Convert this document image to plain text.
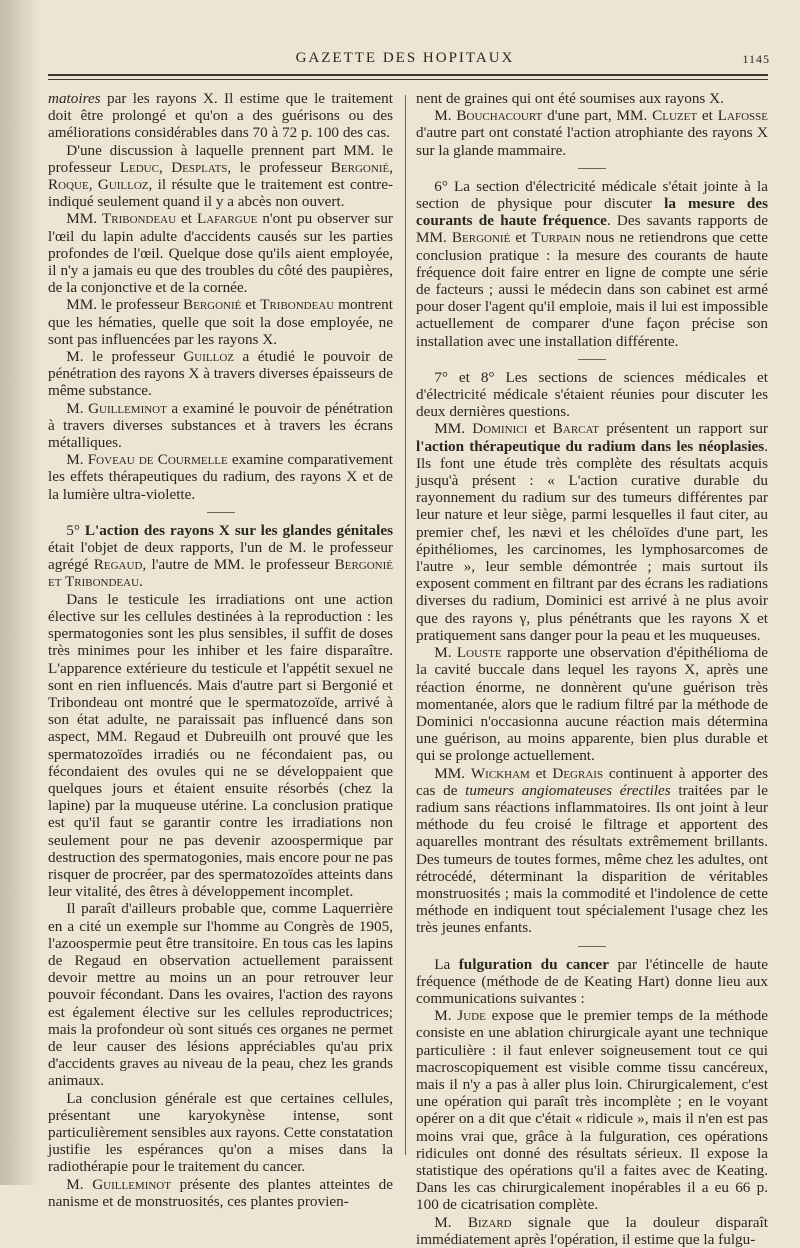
GAZETTE DES HOPITAUX	1145

matoires par les rayons X. Il estime que le traitement doit être prolongé et qu'on a des guérisons ou des améliorations considérables dans 70 à 72 p. 100 des cas.

D'une discussion à laquelle prennent part MM. le professeur Leduc, Desplats, le professeur Bergonié, Roque, Guilloz, il résulte que le traitement est contre-indiqué seulement quand il y a abcès non ouvert.

MM. Tribondeau et Lafargue n'ont pu observer sur l'œil du lapin adulte d'accidents causés sur les parties profondes de l'œil. Quelque dose qu'ils aient employée, il n'y a jamais eu que des troubles du côté des paupières, de la conjonctive et de la cornée.

MM. le professeur Bergonié et Tribondeau montrent que les hématies, quelle que soit la dose employée, ne sont pas influencées par les rayons X.

M. le professeur Guilloz a étudié le pouvoir de pénétration des rayons X à travers diverses épaisseurs de même substance.

M. Guilleminot a examiné le pouvoir de pénétration à travers diverses substances et à travers les écrans métalliques.

M. Foveau de Courmelle examine comparativement les effets thérapeutiques du radium, des rayons X et de la lumière ultra-violette.

5° L'action des rayons X sur les glandes génitales était l'objet de deux rapports, l'un de M. le professeur agrégé Regaud, l'autre de MM. le professeur Bergonié et Tribondeau.

Dans le testicule les irradiations ont une action élective sur les cellules destinées à la reproduction : les spermatogonies sont les plus sensibles, il suffit de doses très minimes pour les inhiber et les faire disparaître. L'apparence extérieure du testicule et l'appétit sexuel ne sont en rien influencés. Mais d'autre part si Bergonié et Tribondeau ont montré que le spermatozoïde, arrivé à son état adulte, ne paraissait pas influencé dans son aspect, MM. Regaud et Dubreuilh ont prouvé que les spermatozoïdes irradiés ou ne fécondaient pas, ou fécondaient des ovules qui ne se développaient que quelques jours et étaient ensuite résorbés (chez la lapine) par la muqueuse utérine. La conclusion pratique est qu'il faut se garantir contre les irradiations non seulement pour ne pas devenir azoospermique par destruction des spermatogonies, mais encore pour ne pas risquer de procréer, par des spermatozoïdes atteints dans leur vitalité, des êtres à développement incomplet.

Il paraît d'ailleurs probable que, comme Laquerrière en a cité un exemple sur l'homme au Congrès de 1905, l'azoospermie peut être transitoire. En tous cas les lapins de Regaud en observation actuellement paraissent devoir mettre au moins un an pour retrouver leur pouvoir fécondant. Dans les ovaires, l'action des rayons est également élective sur les cellules reproductrices; mais la profondeur où sont situés ces organes ne permet de leur causer des lésions appréciables qu'au prix d'accidents graves au niveau de la peau, chez les grands animaux.

La conclusion générale est que certaines cellules, présentant une karyokynèse intense, sont particulièrement sensibles aux rayons. Cette constatation justifie les espérances qu'on a mises dans la radiothérapie pour le traitement du cancer.

M. Guilleminot présente des plantes atteintes de nanisme et de monstruosités, ces plantes provien-

nent de graines qui ont été soumises aux rayons X.

M. Bouchacourt d'une part, MM. Cluzet et Lafosse d'autre part ont constaté l'action atrophiante des rayons X sur la glande mammaire.

6° La section d'électricité médicale s'était jointe à la section de physique pour discuter la mesure des courants de haute fréquence. Des savants rapports de MM. Bergonié et Turpain nous ne retiendrons que cette conclusion pratique : la mesure des courants de haute fréquence doit faire entrer en ligne de compte une série de facteurs ; aussi le médecin dans son cabinet est armé pour doser l'agent qu'il emploie, mais il lui est impossible actuellement de comparer d'une façon précise son installation avec une installation différente.

7° et 8° Les sections de sciences médicales et d'électricité médicale s'étaient réunies pour discuter les deux dernières questions.

MM. Dominici et Barcat présentent un rapport sur l'action thérapeutique du radium dans les néoplasies. Ils font une étude très complète des résultats acquis jusqu'à présent : « L'action curative durable du rayonnement du radium sur des tumeurs différentes par leur nature et leur siège, parmi lesquelles il faut citer, au premier chef, les nævi et les chéloïdes d'une part, les épithéliomes, les carcinomes, les lymphosarcomes de l'autre », leur semble démontrée ; mais surtout ils exposent comment en filtrant par des écrans les radiations diverses du radium, Dominici est arrivé à ne plus avoir que des rayons γ, plus pénétrants que les rayons X et pratiquement sans danger pour la peau et les muqueuses.

M. Louste rapporte une observation d'épithélioma de la cavité buccale dans lequel les rayons X, après une réaction énorme, ne donnèrent qu'une guérison très momentanée, alors que le radium filtré par la méthode de Dominici n'occasionna aucune réaction mais détermina une guérison, au moins apparente, bien plus durable et qui se prolonge actuellement.

MM. Wickham et Degrais continuent à apporter des cas de tumeurs angiomateuses érectiles traitées par le radium sans réactions inflammatoires. Ils ont joint à leur méthode du feu croisé le filtrage et apportent des aquarelles montrant des résultats extrêmement brillants. Des tumeurs de toutes formes, même chez les adultes, ont rétrocédé, déterminant la disparition de véritables monstruosités ; mais la commodité et l'indolence de cette méthode en indiquent tout spécialement l'usage chez les très jeunes enfants.

La fulguration du cancer par l'étincelle de haute fréquence (méthode de de Keating Hart) donne lieu aux communications suivantes :

M. Jude expose que le premier temps de la méthode consiste en une ablation chirurgicale ayant une technique particulière : il faut enlever soigneusement tout ce qui macroscopiquement est visible comme tissu cancéreux, mais il n'y a pas à aller plus loin. Chirurgicalement, c'est une opération qui paraît très incomplète ; en le voyant opérer on a dit que c'était « ridicule », mais il n'en est pas moins vrai que, grâce à la fulguration, ces opérations ridicules ont donné des résultats sérieux. Il expose la statistique des opérations qu'il a faites avec de Keating. Dans les cas chirurgicalement inopérables il a eu 66 p. 100 de cicatrisation complète.

M. Bizard signale que la douleur disparaît immédiatement après l'opération, il estime que la fulgu-
